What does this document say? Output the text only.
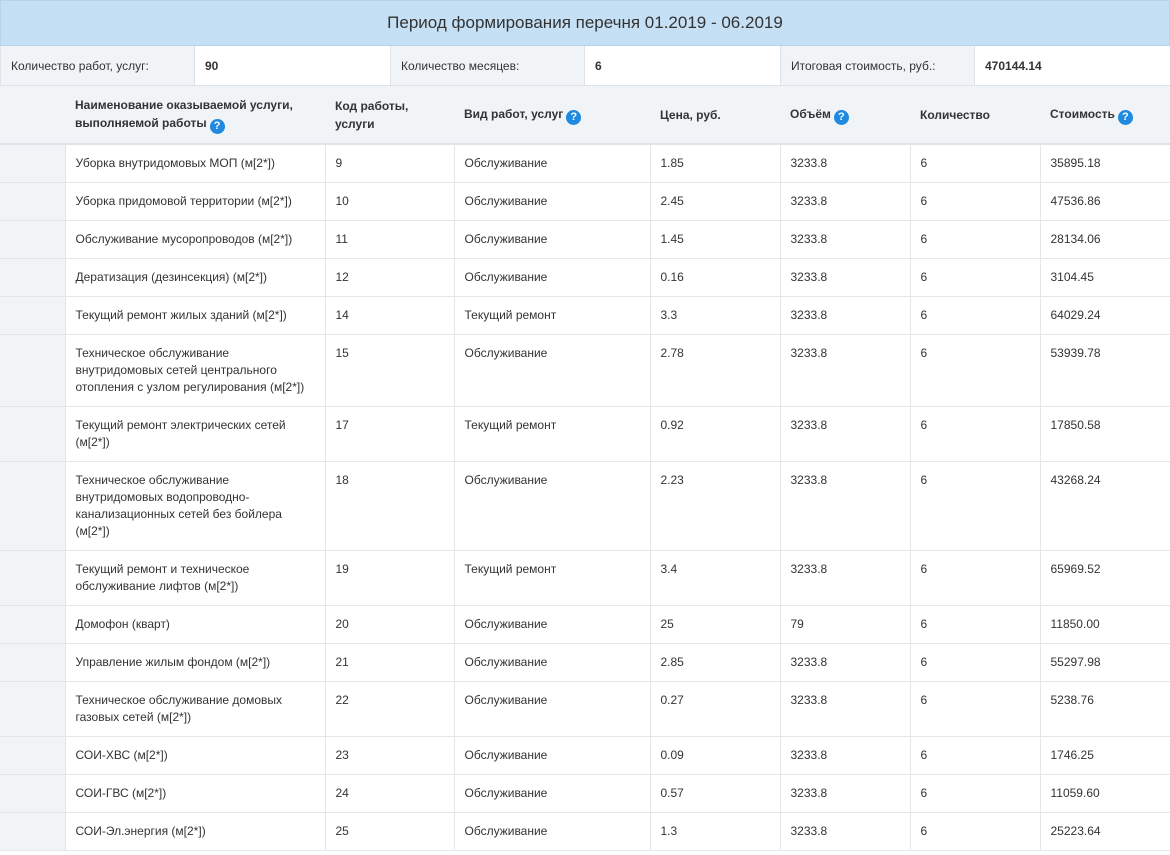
Период формирования перечня 01.2019 - 06.2019
Количество работ, услуг:	90	Количество месяцев:	6	Итоговая стоимость, руб.:	470144.14
	Наименование оказываемой услуги, выполняемой работы ?	Код работы, услуги	Вид работ, услуг ?	Цена, руб.	Объём ?	Количество	Стоимость ?
	Уборка внутридомовых МОП (м[2*])	9	Обслуживание	1.85	3233.8	6	35895.18
	Уборка придомовой территории (м[2*])	10	Обслуживание	2.45	3233.8	6	47536.86
	Обслуживание мусоропроводов (м[2*])	11	Обслуживание	1.45	3233.8	6	28134.06
	Дератизация (дезинсекция) (м[2*])	12	Обслуживание	0.16	3233.8	6	3104.45
	Текущий ремонт жилых зданий (м[2*])	14	Текущий ремонт	3.3	3233.8	6	64029.24
	Техническое обслуживание внутридомовых сетей центрального отопления с узлом регулирования (м[2*])	15	Обслуживание	2.78	3233.8	6	53939.78
	Текущий ремонт электрических сетей (м[2*])	17	Текущий ремонт	0.92	3233.8	6	17850.58
	Техническое обслуживание внутридомовых водопроводно-канализационных сетей без бойлера (м[2*])	18	Обслуживание	2.23	3233.8	6	43268.24
	Текущий ремонт и техническое обслуживание лифтов (м[2*])	19	Текущий ремонт	3.4	3233.8	6	65969.52
	Домофон (кварт)	20	Обслуживание	25	79	6	11850.00
	Управление жилым фондом (м[2*])	21	Обслуживание	2.85	3233.8	6	55297.98
	Техническое обслуживание домовых газовых сетей (м[2*])	22	Обслуживание	0.27	3233.8	6	5238.76
	СОИ-ХВС (м[2*])	23	Обслуживание	0.09	3233.8	6	1746.25
	СОИ-ГВС (м[2*])	24	Обслуживание	0.57	3233.8	6	11059.60
	СОИ-Эл.энергия (м[2*])	25	Обслуживание	1.3	3233.8	6	25223.64
